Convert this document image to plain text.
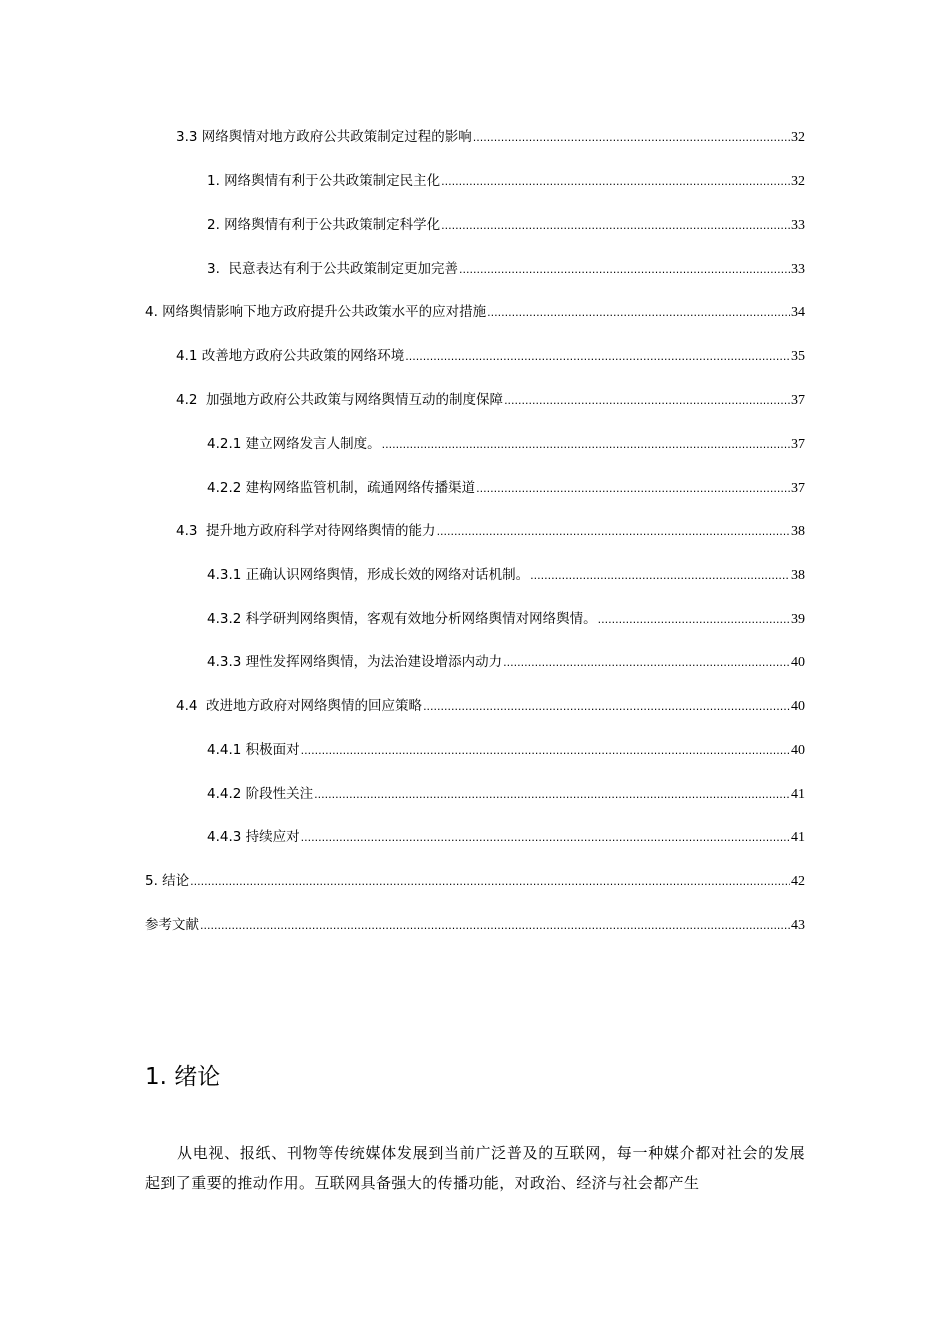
3.3 网络舆情对地方政府公共政策制定过程的影响 .....	32
1. 网络舆情有利于公共政策制定民主化 .....	32
2. 网络舆情有利于公共政策制定科学化 .....	33
3.  民意表达有利于公共政策制定更加完善 .....	33
4. 网络舆情影响下地方政府提升公共政策水平的应对措施 .....	34
4.1 改善地方政府公共政策的网络环境 .....	35
4.2  加强地方政府公共政策与网络舆情互动的制度保障 .....	37
4.2.1 建立网络发言人制度。 .....	37
4.2.2 建构网络监管机制，疏通网络传播渠道 .....	37
4.3  提升地方政府科学对待网络舆情的能力 .....	38
4.3.1 正确认识网络舆情，形成长效的网络对话机制。 .....	38
4.3.2 科学研判网络舆情，客观有效地分析网络舆情对网络舆情。 .....	39
4.3.3 理性发挥网络舆情，为法治建设增添内动力 .....	40
4.4  改进地方政府对网络舆情的回应策略 .....	40
4.4.1 积极面对 .....	40
4.4.2 阶段性关注 .....	41
4.4.3 持续应对 .....	41
5. 结论 .....	42
参考文献 .....	43
1. 绪论

从电视、报纸、刊物等传统媒体发展到当前广泛普及的互联网，每一种媒介都对社会的发展起到了重要的推动作用。互联网具备强大的传播功能，对政治、经济与社会都产生
